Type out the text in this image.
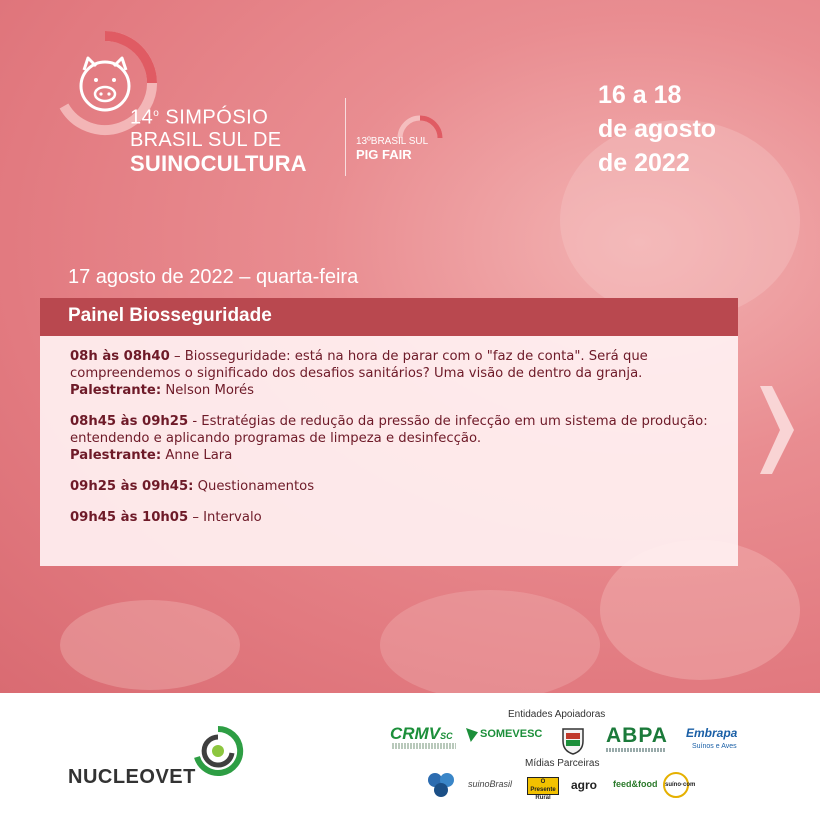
14$^o$ SIMPÓSIO
BRASIL SUL DE
SUINOCULTURA
13ºBRASIL SUL
PIG FAIR
16 a 18
de agosto
de 2022
17 agosto de 2022 – quarta-feira
Painel Biosseguridade
08h às 08h40 – Biosseguridade: está na hora de parar com o "faz de conta". Será que compreendemos o significado dos desafios sanitários? Uma visão de dentro da granja.
Palestrante: Nelson Morés
08h45 às 09h25 - Estratégias de redução da pressão de infecção em um sistema de produção: entendendo e aplicando programas de limpeza e desinfecção.
Palestrante: Anne Lara
09h25 às 09h45: Questionamentos
09h45 às 10h05 – Intervalo
NUCLEOVET
Entidades Apoiadoras
CRMVSC	SOMEVESC	ABPA Embrapa
Suínos e Aves
Mídias Parceiras
suinoBrasil	O Presente Rural
agro feed&food	suíno·com
